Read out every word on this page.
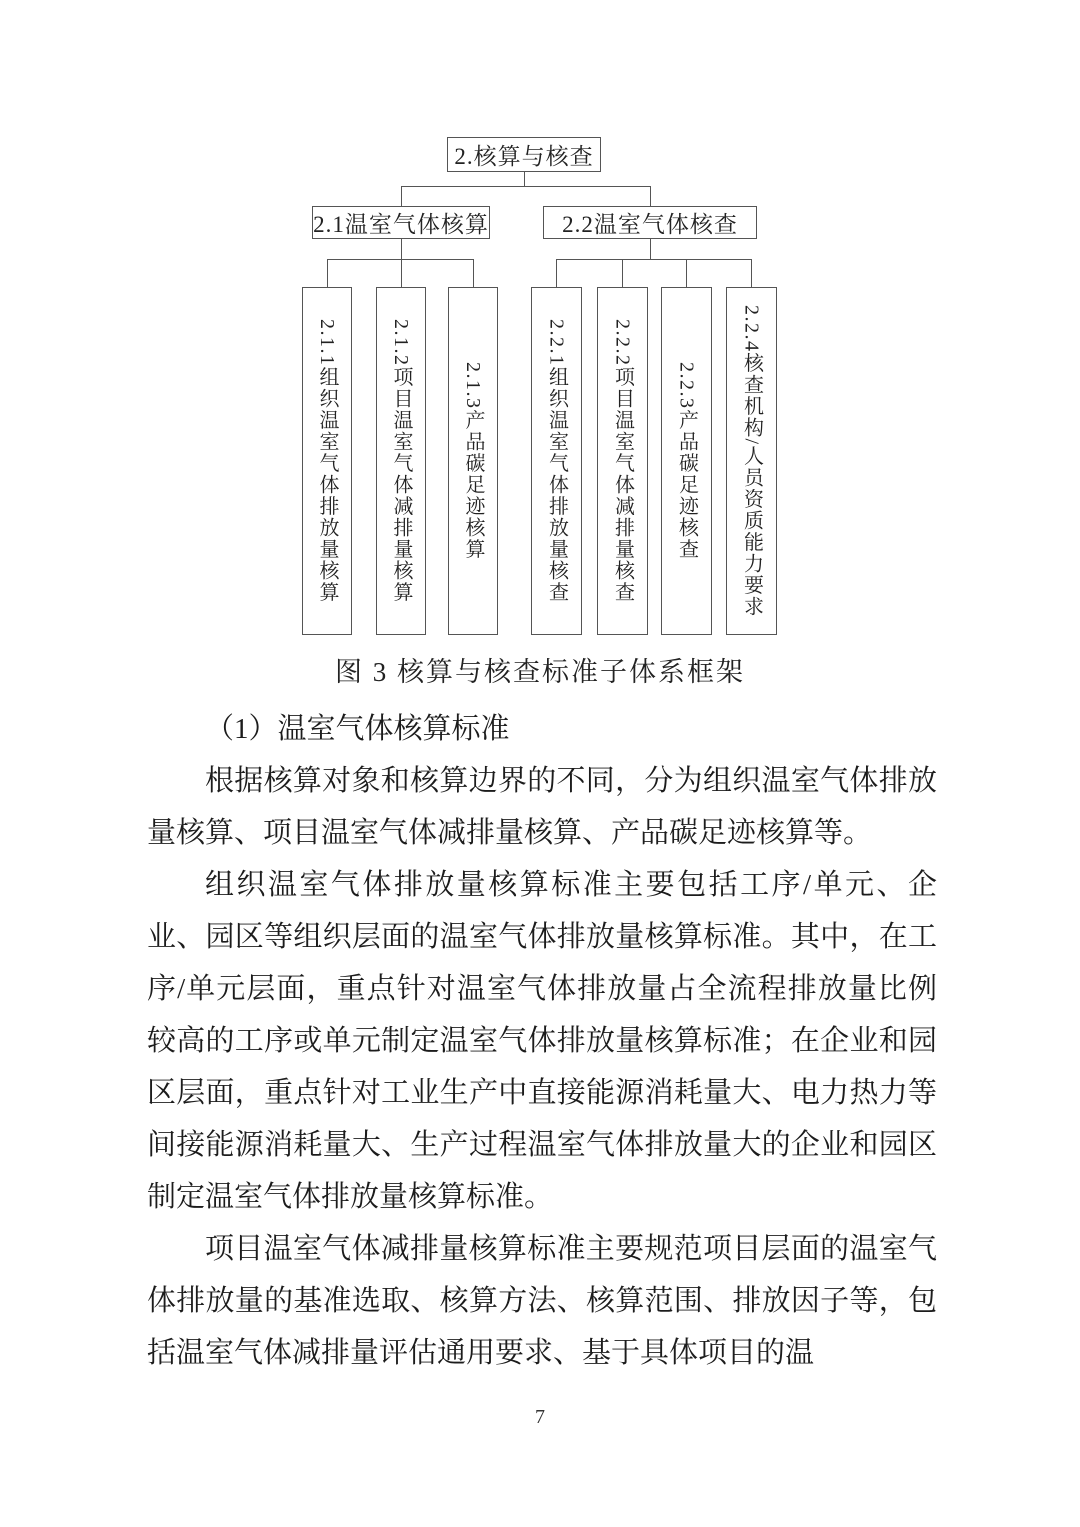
2.核算与核查
2.1温室气体核算	2.2温室气体核查
2.1.1组织温室气体排放量核算	2.1.2项目温室气体减排量核算	2.1.3产品碳足迹核算	2.2.1组织温室气体排放量核查 2.2.2项目温室气体减排量核查 2.2.3产品碳足迹核查 2.2.4核查机构/人员资质能力要求
图 3 核算与核查标准子体系框架

（1）温室气体核算标准

根据核算对象和核算边界的不同，分为组织温室气体排放量核算、项目温室气体减排量核算、产品碳足迹核算等。

组织温室气体排放量核算标准主要包括工序/单元、企业、园区等组织层面的温室气体排放量核算标准。其中，在工序/单元层面，重点针对温室气体排放量占全流程排放量比例较高的工序或单元制定温室气体排放量核算标准；在企业和园区层面，重点针对工业生产中直接能源消耗量大、电力热力等间接能源消耗量大、生产过程温室气体排放量大的企业和园区制定温室气体排放量核算标准。

项目温室气体减排量核算标准主要规范项目层面的温室气体排放量的基准选取、核算方法、核算范围、排放因子等，包括温室气体减排量评估通用要求、基于具体项目的温

7
